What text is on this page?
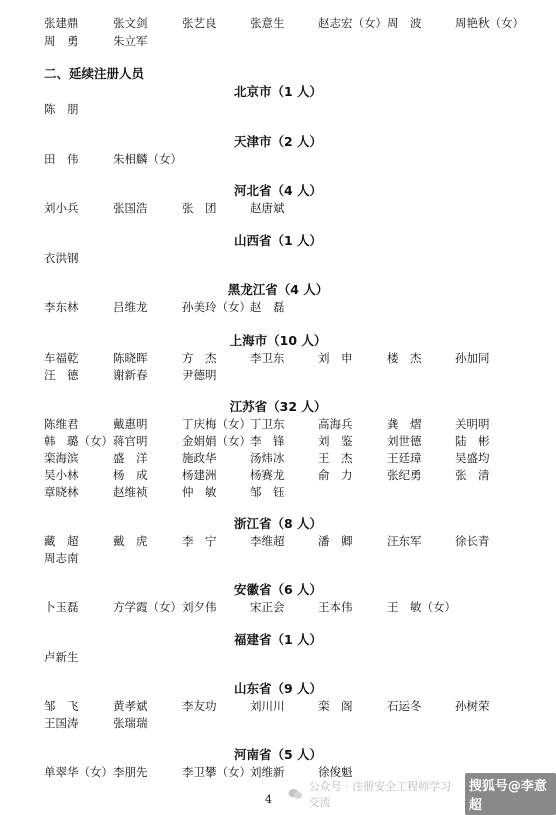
二、延续注册人员
4
公众号 · 注册安全工程师学习交流
搜狐号@李意超
张建鼎	张文剑	张艺良	张意生	赵志宏（女） 周　波	周艳秋（女）
周　勇	朱立军
北京市（1 人）
陈　朋
天津市（2 人）
田　伟	朱相麟（女）
河北省（4 人）
刘小兵	张国浩	张　团	赵唐斌
山西省（1 人）
衣洪钢
黑龙江省（4 人）
李东林	吕维龙	孙美玲（女） 赵　磊
上海市（10 人）
车福乾	陈晓晖	方　杰	李卫东	刘　申	楼　杰	孙加同
汪　德	谢新春	尹德明
江苏省（32 人）
陈维君	戴惠明	丁庆梅（女） 丁卫东	高海兵	龚　熠	关明明
韩　璐（女） 蒋官明	金娟娟（女） 李　锋	刘　鉴	刘世德	陆　彬
栾海滨	盛　洋	施政华	汤炜冰	王　杰	王廷璋	吴盛均
吴小林	杨　成	杨建洲	杨赛龙	俞　力	张纪勇	张　清
章晓林	赵维祯	仲　敏	邹　钰
浙江省（8 人）
藏　超	戴　虎	李　宁	李维超	潘　卿	汪东军	徐长青
周志南
安徽省（6 人）
卜玉磊	方学霞（女） 刘夕伟	宋正会	王本伟	王　敏（女）
福建省（1 人）
卢新生
山东省（9 人）
邹　飞	黄孝斌	李友功	刘川川	栾　阁	石运冬	孙树荣
王国涛	张瑞瑞
河南省（5 人）
单翠华（女） 李朋先	李卫攀（女） 刘维新	徐俊魁
